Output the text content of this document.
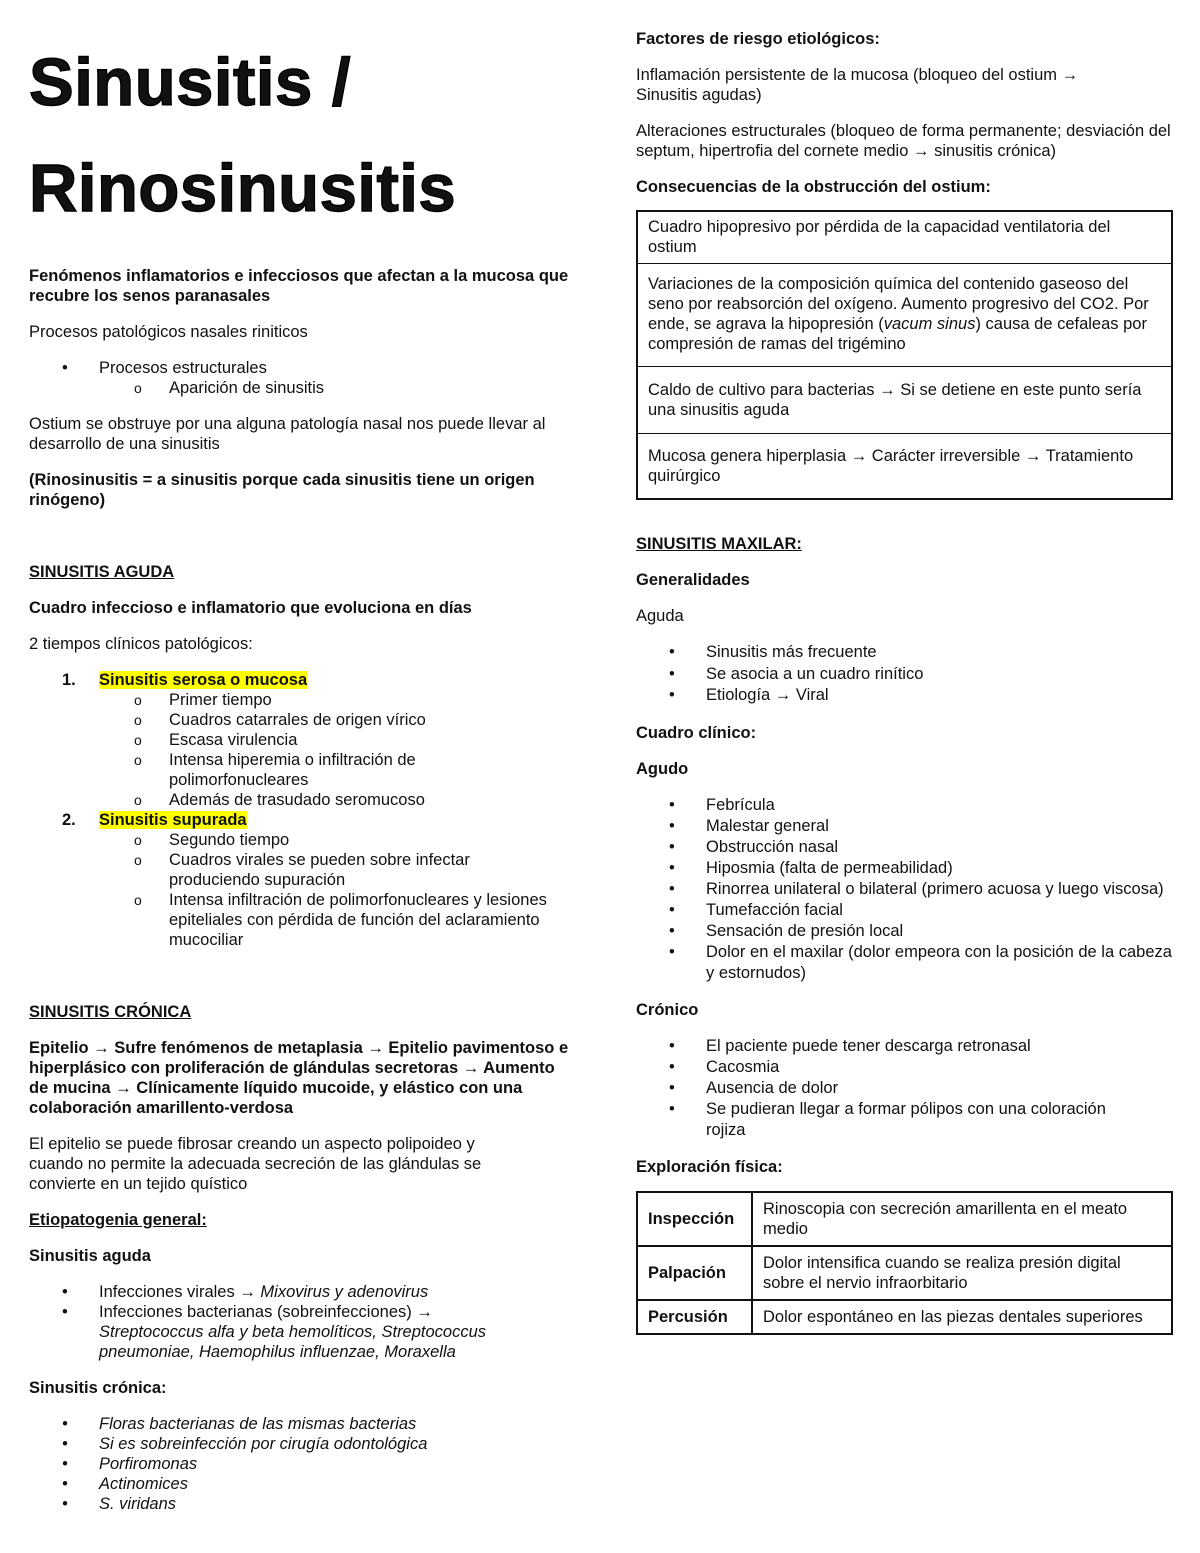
Sinusitis /
Rinosinusitis

Fenómenos inflamatorios e infecciosos que afectan a la mucosa que recubre los senos paranasales

Procesos patológicos nasales riniticos

• Procesos estructurales
o Aparición de sinusitis

Ostium se obstruye por una alguna patología nasal nos puede llevar al desarrollo de una sinusitis

(Rinosinusitis = a sinusitis porque cada sinusitis tiene un origen rinógeno)

SINUSITIS AGUDA

Cuadro infeccioso e inflamatorio que evoluciona en días

2 tiempos clínicos patológicos:

1. Sinusitis serosa o mucosa
o Primer tiempo
o Cuadros catarrales de origen vírico
o Escasa virulencia
o Intensa hiperemia o infiltración de polimorfonucleares
o Además de trasudado seromucoso
2. Sinusitis supurada
o Segundo tiempo
o Cuadros virales se pueden sobre infectar produciendo supuración
o Intensa infiltración de polimorfonucleares y lesiones epiteliales con pérdida de función del aclaramiento mucociliar

SINUSITIS CRÓNICA

Epitelio → Sufre fenómenos de metaplasia → Epitelio pavimentoso e hiperplásico con proliferación de glándulas secretoras → Aumento de mucina → Clínicamente líquido mucoide, y elástico con una colaboración amarillento-verdosa

El epitelio se puede fibrosar creando un aspecto polipoideo y cuando no permite la adecuada secreción de las glándulas se convierte en un tejido quístico

Etiopatogenia general:

Sinusitis aguda

• Infecciones virales → Mixovirus y adenovirus
• Infecciones bacterianas (sobreinfecciones) → Streptococcus alfa y beta hemolíticos, Streptococcus pneumoniae, Haemophilus influenzae, Moraxella

Sinusitis crónica:

• Floras bacterianas de las mismas bacterias
• Si es sobreinfección por cirugía odontológica
• Porfiromonas
• Actinomices
• S. viridans

Factores de riesgo etiológicos:

Inflamación persistente de la mucosa (bloqueo del ostium → Sinusitis agudas)

Alteraciones estructurales (bloqueo de forma permanente; desviación del septum, hipertrofia del cornete medio → sinusitis crónica)

Consecuencias de la obstrucción del ostium:

Cuadro hipopresivo por pérdida de la capacidad ventilatoria del ostium
Variaciones de la composición química del contenido gaseoso del seno por reabsorción del oxígeno. Aumento progresivo del CO2. Por ende, se agrava la hipopresión (vacum sinus) causa de cefaleas por compresión de ramas del trigémino
Caldo de cultivo para bacterias → Si se detiene en este punto sería una sinusitis aguda
Mucosa genera hiperplasia → Carácter irreversible → Tratamiento quirúrgico

SINUSITIS MAXILAR:

Generalidades

Aguda

• Sinusitis más frecuente
• Se asocia a un cuadro rinítico
• Etiología → Viral

Cuadro clínico:

Agudo

• Febrícula
• Malestar general
• Obstrucción nasal
• Hiposmia (falta de permeabilidad)
• Rinorrea unilateral o bilateral (primero acuosa y luego viscosa)
• Tumefacción facial
• Sensación de presión local
• Dolor en el maxilar (dolor empeora con la posición de la cabeza y estornudos)

Crónico

• El paciente puede tener descarga retronasal
• Cacosmia
• Ausencia de dolor
• Se pudieran llegar a formar pólipos con una coloración rojiza

Exploración física:

Inspección	Rinoscopia con secreción amarillenta en el meato medio
Palpación	Dolor intensifica cuando se realiza presión digital sobre el nervio infraorbitario
Percusión	Dolor espontáneo en las piezas dentales superiores
